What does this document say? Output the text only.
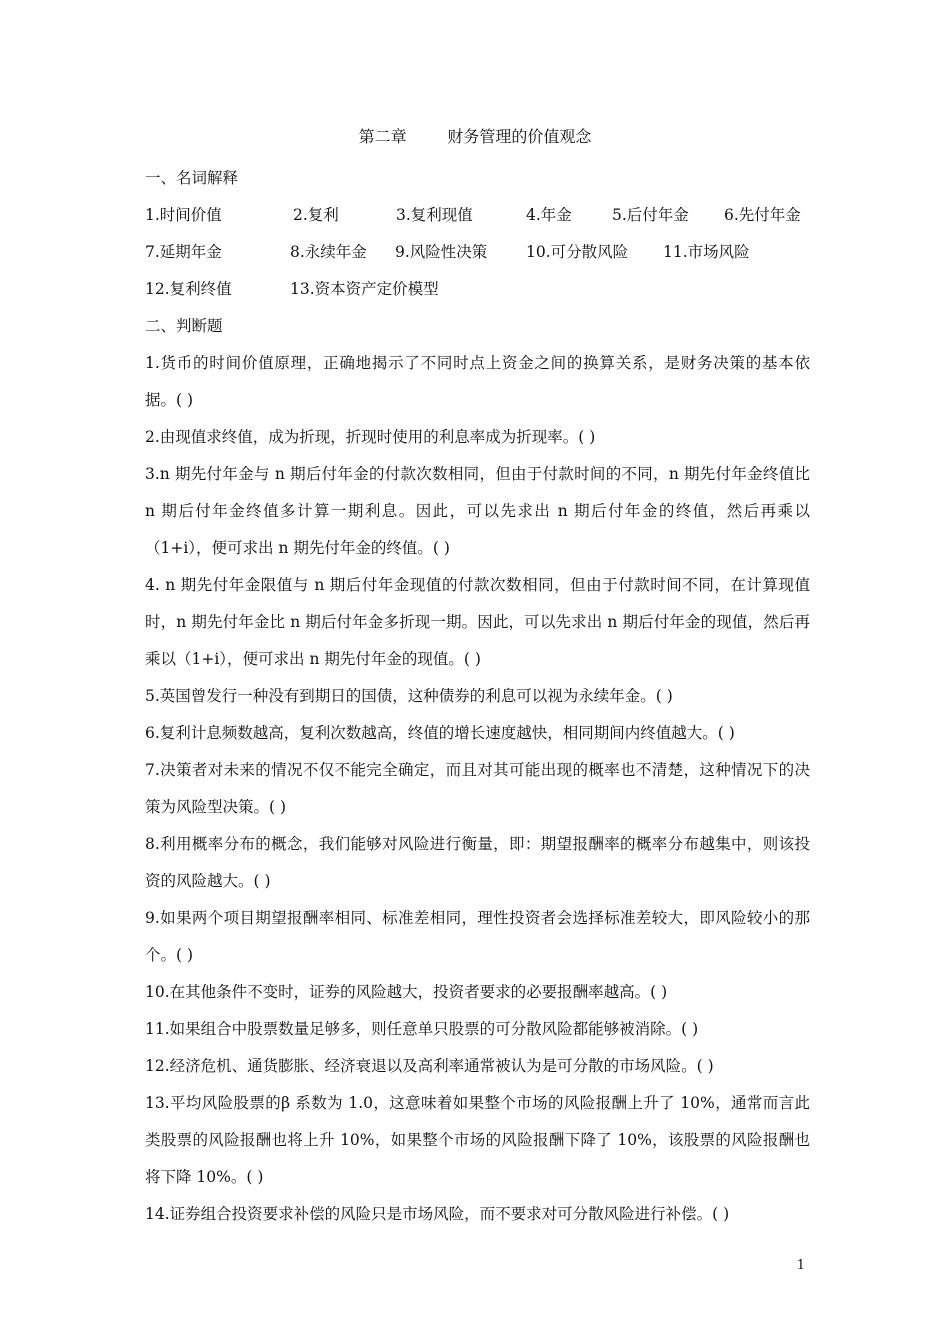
第二章        财务管理的价值观念
一、名词解释
1.时间价值	2.复利	3.复利现值	4.年金	5.后付年金 6.先付年金
7.延期年金	8.永续年金 9.风险性决策 10.可分散风险 11.市场风险
12.复利终值	13.资本资产定价模型
二、判断题
1.货币的时间价值原理，正确地揭示了不同时点上资金之间的换算关系，是财务决策的基本依据。( )
2.由现值求终值，成为折现，折现时使用的利息率成为折现率。( )
3.n 期先付年金与 n 期后付年金的付款次数相同，但由于付款时间的不同，n 期先付年金终值比 n 期后付年金终值多计算一期利息。因此，可以先求出 n 期后付年金的终值，然后再乘以（1+i），便可求出 n 期先付年金的终值。( )
4. n 期先付年金限值与 n 期后付年金现值的付款次数相同，但由于付款时间不同，在计算现值时，n 期先付年金比 n 期后付年金多折现一期。因此，可以先求出 n 期后付年金的现值，然后再乘以（1+i），便可求出 n 期先付年金的现值。( )
5.英国曾发行一种没有到期日的国债，这种债券的利息可以视为永续年金。( )
6.复利计息频数越高，复利次数越高，终值的增长速度越快，相同期间内终值越大。( )
7.决策者对未来的情况不仅不能完全确定，而且对其可能出现的概率也不清楚，这种情况下的决策为风险型决策。( )
8.利用概率分布的概念，我们能够对风险进行衡量，即：期望报酬率的概率分布越集中，则该投资的风险越大。( )
9.如果两个项目期望报酬率相同、标准差相同，理性投资者会选择标准差较大，即风险较小的那个。( )
10.在其他条件不变时，证券的风险越大，投资者要求的必要报酬率越高。( )
11.如果组合中股票数量足够多，则任意单只股票的可分散风险都能够被消除。( )
12.经济危机、通货膨胀、经济衰退以及高利率通常被认为是可分散的市场风险。( )
13.平均风险股票的β 系数为 1.0，这意味着如果整个市场的风险报酬上升了 10%，通常而言此类股票的风险报酬也将上升 10%，如果整个市场的风险报酬下降了 10%，该股票的风险报酬也将下降 10%。( )
14.证券组合投资要求补偿的风险只是市场风险，而不要求对可分散风险进行补偿。( )
1
